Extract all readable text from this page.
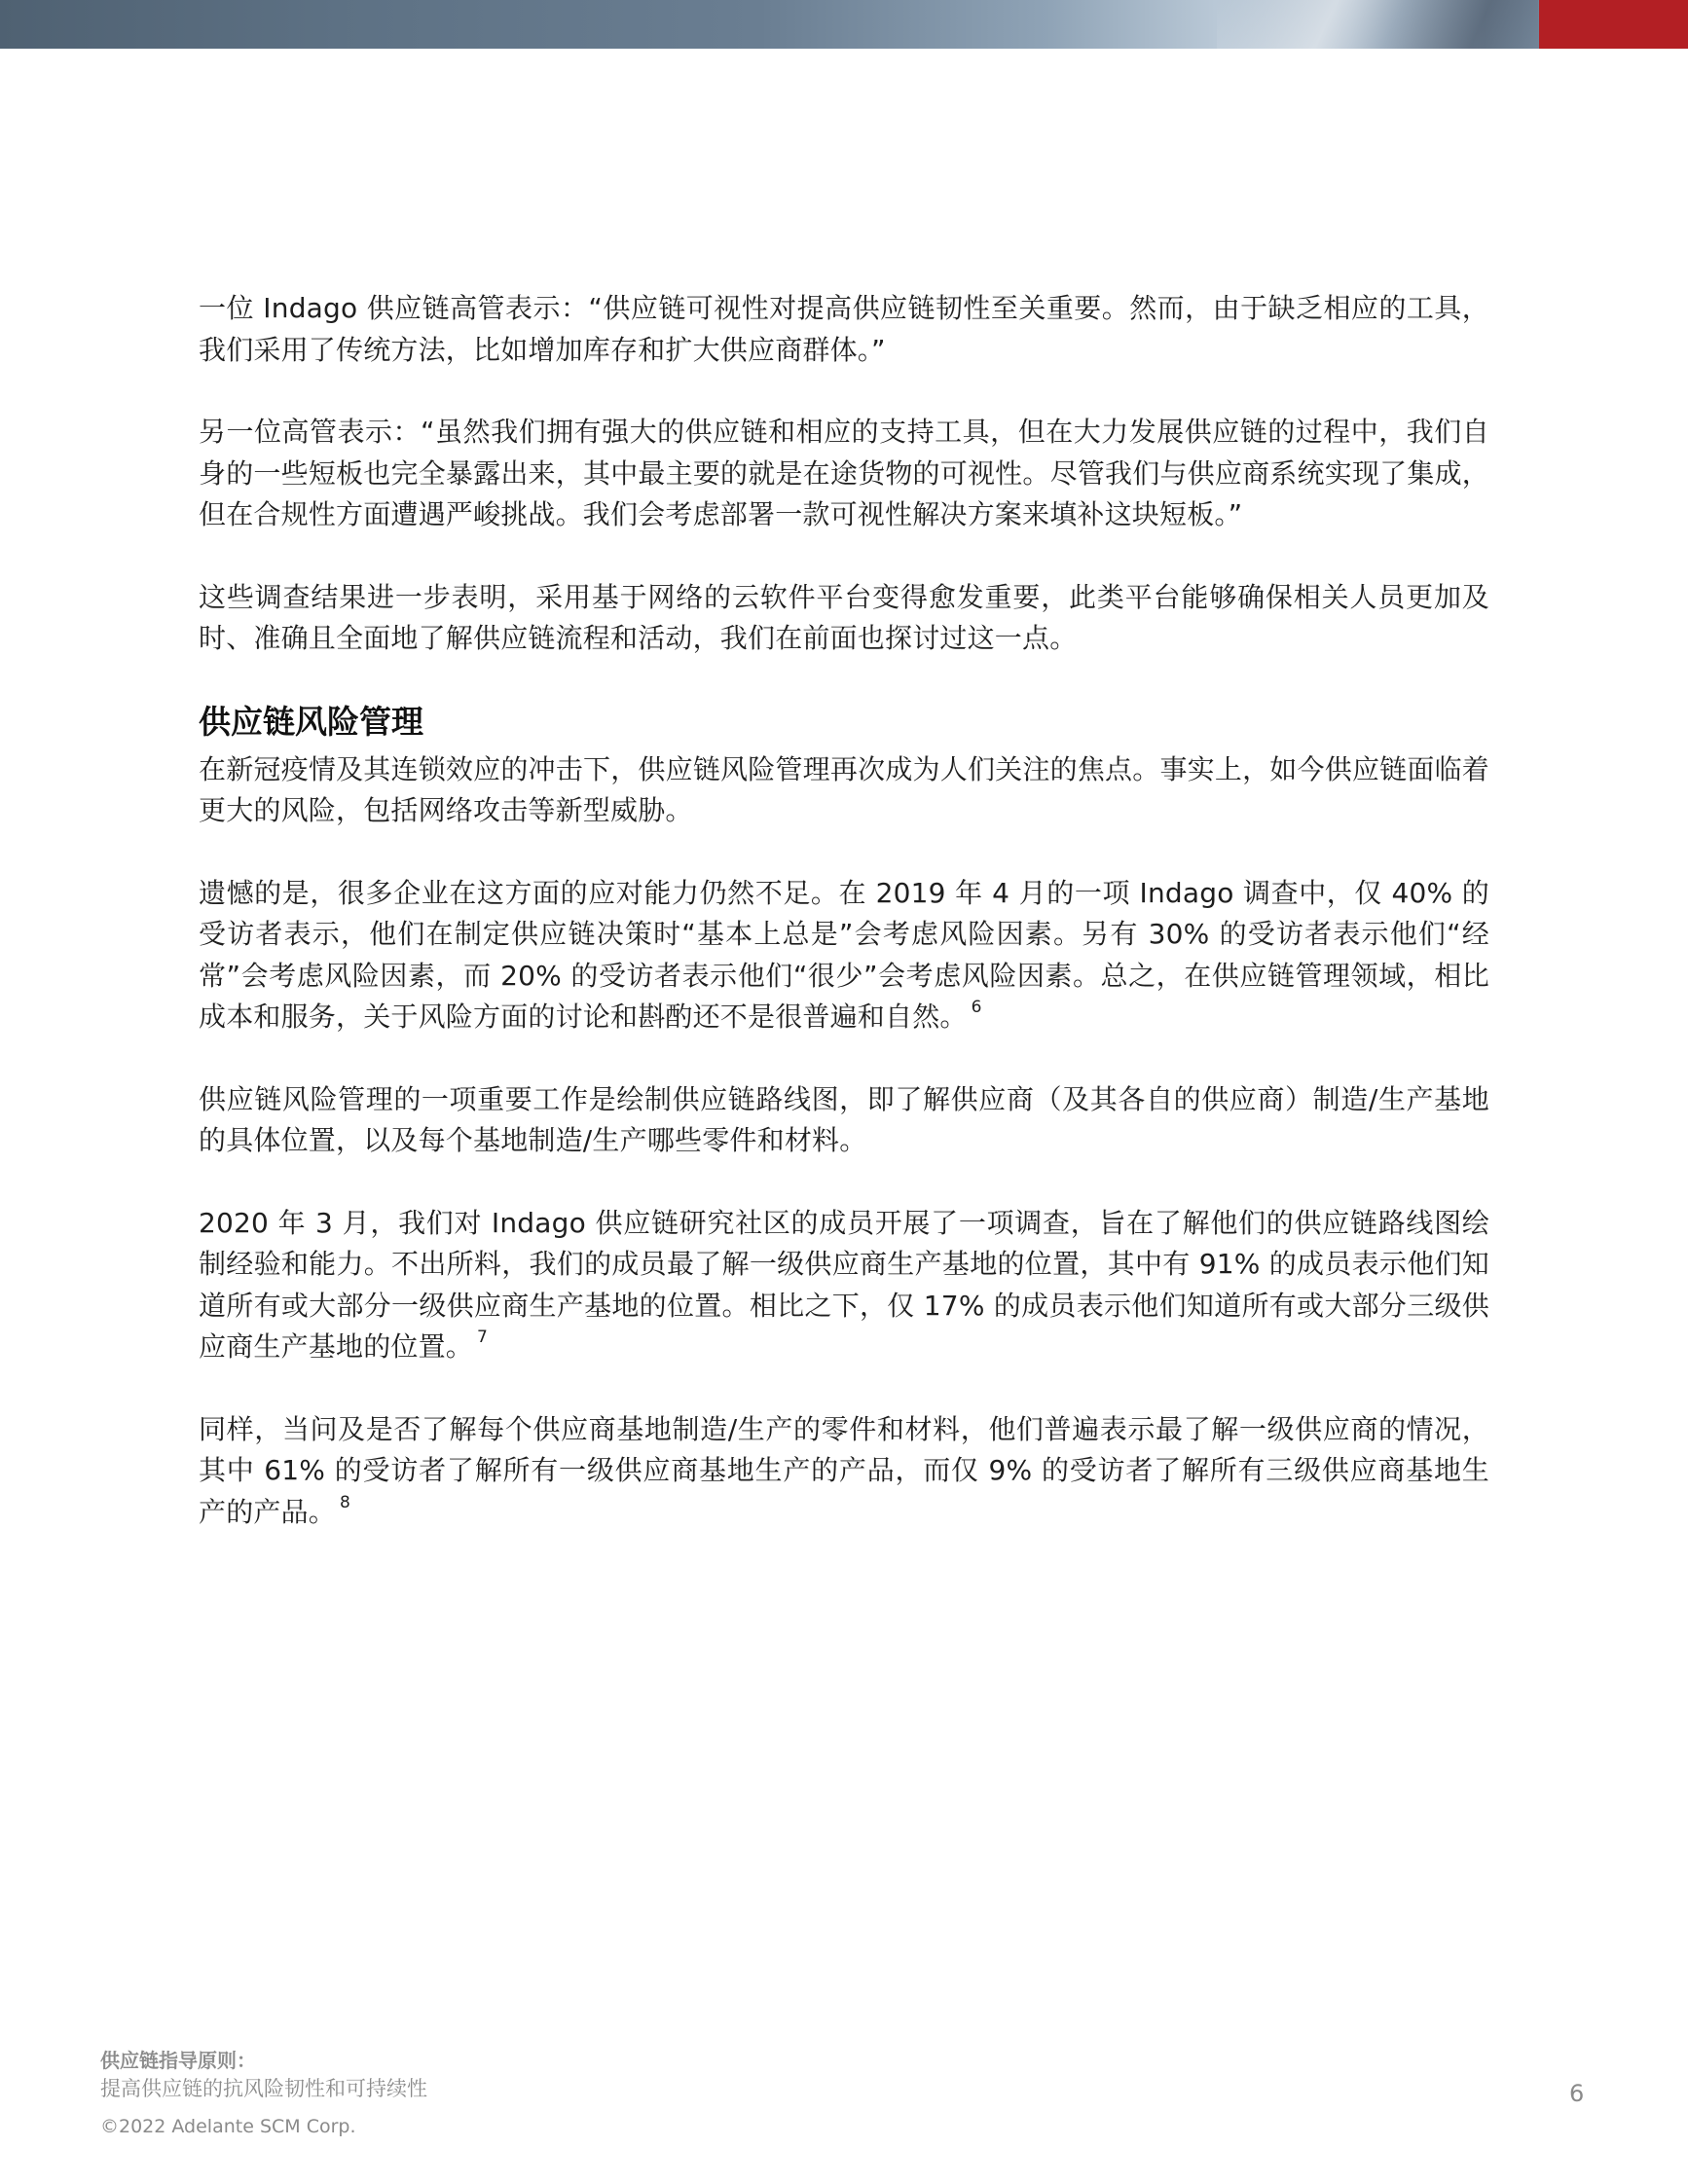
一位 Indago 供应链高管表示：“供应链可视性对提高供应链韧性至关重要。然而，由于缺乏相应的工具，我们采用了传统方法，比如增加库存和扩大供应商群体。”

另一位高管表示：“虽然我们拥有强大的供应链和相应的支持工具，但在大力发展供应链的过程中，我们自身的一些短板也完全暴露出来，其中最主要的就是在途货物的可视性。尽管我们与供应商系统实现了集成，但在合规性方面遭遇严峻挑战。我们会考虑部署一款可视性解决方案来填补这块短板。”

这些调查结果进一步表明，采用基于网络的云软件平台变得愈发重要，此类平台能够确保相关人员更加及时、准确且全面地了解供应链流程和活动，我们在前面也探讨过这一点。

供应链风险管理

在新冠疫情及其连锁效应的冲击下，供应链风险管理再次成为人们关注的焦点。事实上，如今供应链面临着更大的风险，包括网络攻击等新型威胁。

遗憾的是，很多企业在这方面的应对能力仍然不足。在 2019 年 4 月的一项 Indago 调查中，仅 40% 的受访者表示，他们在制定供应链决策时“基本上总是”会考虑风险因素。另有 30% 的受访者表示他们“经常”会考虑风险因素，而 20% 的受访者表示他们“很少”会考虑风险因素。总之，在供应链管理领域，相比成本和服务，关于风险方面的讨论和斟酌还不是很普遍和自然。 $^6$

供应链风险管理的一项重要工作是绘制供应链路线图，即了解供应商（及其各自的供应商）制造/生产基地的具体位置，以及每个基地制造/生产哪些零件和材料。

2020 年 3 月，我们对 Indago 供应链研究社区的成员开展了一项调查，旨在了解他们的供应链路线图绘制经验和能力。不出所料，我们的成员最了解一级供应商生产基地的位置，其中有 91% 的成员表示他们知道所有或大部分一级供应商生产基地的位置。相比之下，仅 17% 的成员表示他们知道所有或大部分三级供应商生产基地的位置。 $^7$

同样，当问及是否了解每个供应商基地制造/生产的零件和材料，他们普遍表示最了解一级供应商的情况，其中 61% 的受访者了解所有一级供应商基地生产的产品，而仅 9% 的受访者了解所有三级供应商基地生产的产品。 $^8$

供应链指导原则：
提高供应链的抗风险韧性和可持续性
©2022 Adelante SCM Corp.
6
